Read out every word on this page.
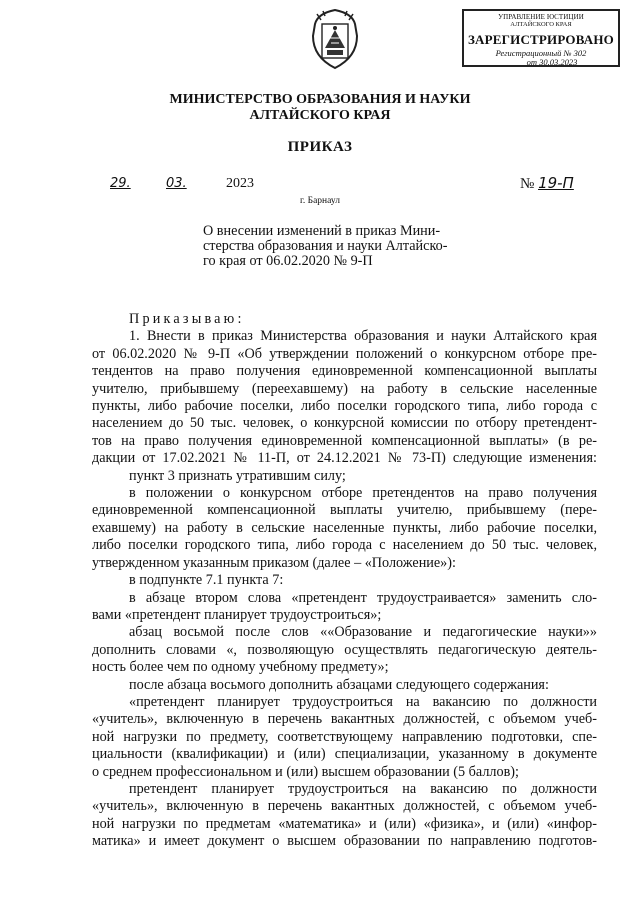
УПРАВЛЕНИЕ ЮСТИЦИИ
АЛТАЙСКОГО КРАЯ
ЗАРЕГИСТРИРОВАНО
Регистрационный № 302
от 30.03.2023
МИНИСТЕРСТВО ОБРАЗОВАНИЯ И НАУКИ
АЛТАЙСКОГО КРАЯ
ПРИКАЗ
29.	03.	2023	№ 19-П
г. Барнаул
О внесении изменений в приказ Мини-
стерства образования и науки Алтайско-
го края от 06.02.2020 № 9-П
Приказываю:
1. Внести в приказ Министерства образования и науки Алтайского края
от 06.02.2020 № 9-П «Об утверждении положений о конкурсном отборе пре-
тендентов на право получения единовременной компенсационной выплаты
учителю, прибывшему (переехавшему) на работу в сельские населенные
пункты, либо рабочие поселки, либо поселки городского типа, либо города с
населением до 50 тыс. человек, о конкурсной комиссии по отбору претендент-
тов на право получения единовременной компенсационной выплаты» (в ре-
дакции от 17.02.2021 № 11-П, от 24.12.2021 № 73-П) следующие изменения:
пункт 3 признать утратившим силу;
в положении о конкурсном отборе претендентов на право получения
единовременной компенсационной выплаты учителю, прибывшему (пере-
ехавшему) на работу в сельские населенные пункты, либо рабочие поселки,
либо поселки городского типа, либо города с населением до 50 тыс. человек,
утвержденном указанным приказом (далее – «Положение»):
в подпункте 7.1 пункта 7:
в абзаце втором слова «претендент трудоустраивается» заменить сло-
вами «претендент планирует трудоустроиться»;
абзац восьмой после слов ««Образование и педагогические науки»»
дополнить словами «, позволяющую осуществлять педагогическую деятель-
ность более чем по одному учебному предмету»;
после абзаца восьмого дополнить абзацами следующего содержания:
«претендент планирует трудоустроиться на вакансию по должности
«учитель», включенную в перечень вакантных должностей, с объемом учеб-
ной нагрузки по предмету, соответствующему направлению подготовки, спе-
циальности (квалификации) и (или) специализации, указанному в документе
о среднем профессиональном и (или) высшем образовании (5 баллов);
претендент планирует трудоустроиться на вакансию по должности
«учитель», включенную в перечень вакантных должностей, с объемом учеб-
ной нагрузки по предметам «математика» и (или) «физика», и (или) «инфор-
матика» и имеет документ о высшем образовании по направлению подготов-
